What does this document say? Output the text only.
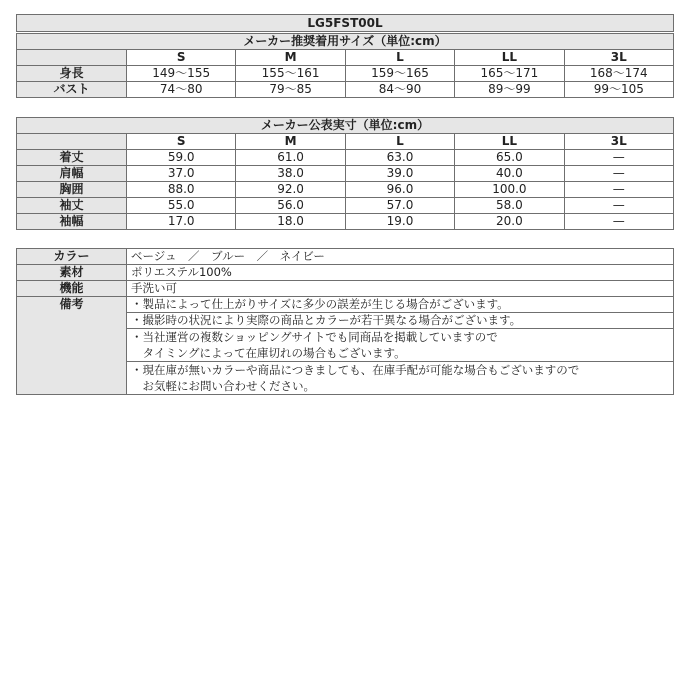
LG5FST00L
メーカー推奨着用サイズ（単位:cm）					
	S	M	L	LL	3L
身長	149〜155	155〜161	159〜165	165〜171	168〜174
バスト	74〜80	79〜85	84〜90	89〜99	99〜105
メーカー公表実寸（単位:cm）					
	S	M	L	LL	3L
着丈	59.0	61.0	63.0	65.0	—
肩幅	37.0	38.0	39.0	40.0	—
胸囲	88.0	92.0	96.0	100.0	—
袖丈	55.0	56.0	57.0	58.0	—
袖幅	17.0	18.0	19.0	20.0	—
カラー	ベージュ　／　ブルー　／　ネイビー
素材	ポリエステル100%
機能	手洗い可
備考	・製品によって仕上がりサイズに多少の誤差が生じる場合がございます。
	・撮影時の状況により実際の商品とカラーが若干異なる場合がございます。

	・当社運営の複数ショッピングサイトでも同商品を掲載していますので
　タイミングによって在庫切れの場合もございます。

	・現在庫が無いカラーや商品につきましても、在庫手配が可能な場合もございますので
　お気軽にお問い合わせください。
